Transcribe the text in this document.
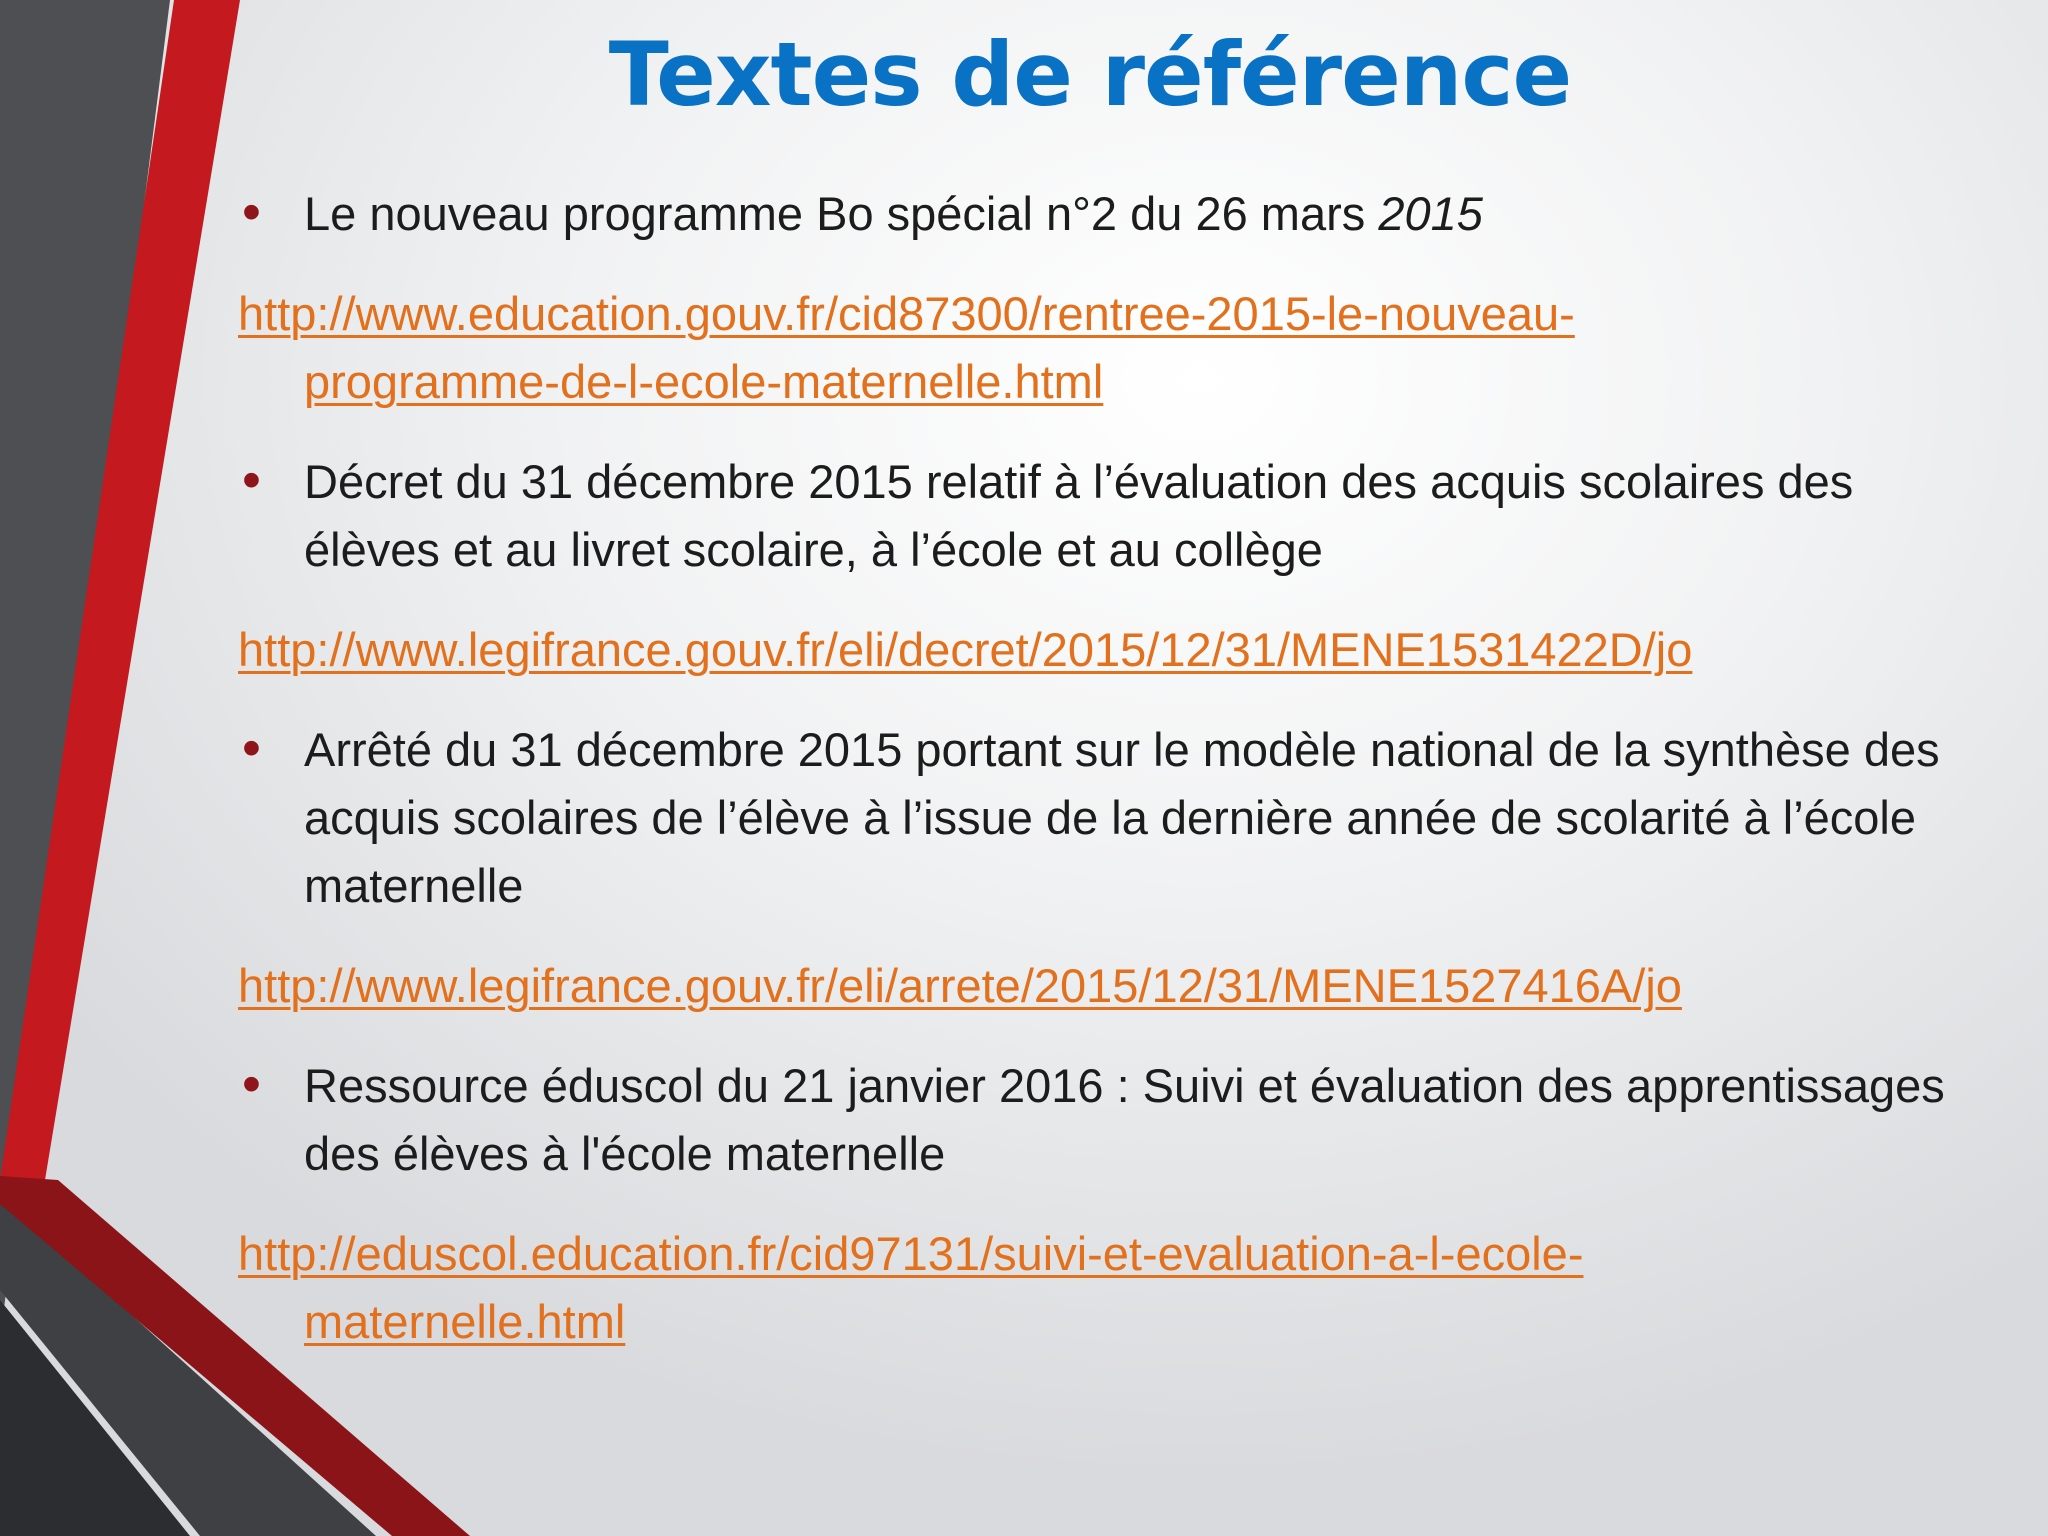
Textes de référence
• Le nouveau programme Bo spécial n°2 du 26 mars 2015
http://www.education.gouv.fr/cid87300/rentree-2015-le-nouveau-
programme-de-l-ecole-maternelle.html
• Décret du 31 décembre 2015 relatif à l’évaluation des acquis scolaires des élèves et au livret scolaire, à l’école et au collège
http://www.legifrance.gouv.fr/eli/decret/2015/12/31/MENE1531422D/jo
• Arrêté du 31 décembre 2015 portant sur le modèle national de la synthèse des acquis scolaires de l’élève à l’issue de la dernière année de scolarité à l’école maternelle
http://www.legifrance.gouv.fr/eli/arrete/2015/12/31/MENE1527416A/jo
• Ressource éduscol du 21 janvier 2016 : Suivi et évaluation des apprentissages des élèves à l'école maternelle
http://eduscol.education.fr/cid97131/suivi-et-evaluation-a-l-ecole-
maternelle.html
